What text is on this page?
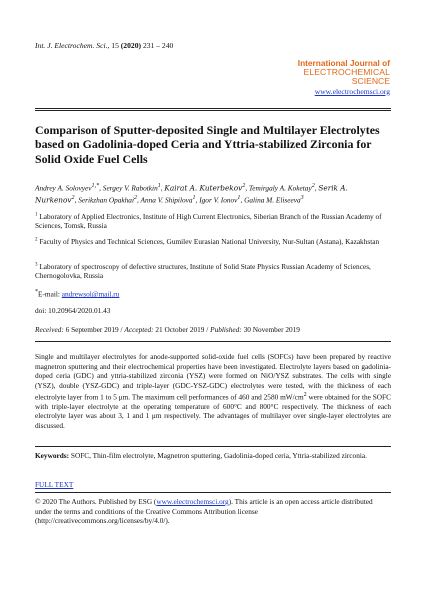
Int. J. Electrochem. Sci., 15 (2020) 231 – 240
International Journal of
ELECTROCHEMICAL
SCIENCE
www.electrochemsci.org
Comparison of Sputter-deposited Single and Multilayer Electrolytes based on Gadolinia-doped Ceria and Yttria-stabilized Zirconia for Solid Oxide Fuel Cells
Andrey A. Solovyev$^{1,*}$, Sergey V. Rabotkin$^1$, Kairat A. Kuterbekov$^2$, Temirgaly A. Koketay$^2$, Serik A. Nurkenov$^2$, Serikzhan Opakhai$^2$, Anna V. Shipilova$^1$, Igor V. Ionov$^1$, Galina M. Eliseeva$^3$
$^1$ Laboratory of Applied Electronics, Institute of High Current Electronics, Siberian Branch of the Russian Academy of Sciences, Tomsk, Russia
$^2$ Faculty of Physics and Technical Sciences, Gumilev Eurasian National University, Nur-Sultan (Astana), Kazakhstan
$^3$ Laboratory of spectroscopy of defective structures, Institute of Solid State Physics Russian Academy of Sciences, Chernogolovka, Russia
*E-mail: andrewsol@mail.ru
doi: 10.20964/2020.01.43
Received: 6 September 2019 / Accepted: 21 October 2019 / Published: 30 November 2019
Single and multilayer electrolytes for anode-supported solid-oxide fuel cells (SOFCs) have been prepared by reactive magnetron sputtering and their electrochemical properties have been investigated. Electrolyte layers based on gadolinia-doped ceria (GDC) and yttria-stabilized zirconia (YSZ) were formed on NiO/YSZ substrates. The cells with single (YSZ), double (YSZ-GDC) and triple-layer (GDC-YSZ-GDC) electrolytes were tested, with the thickness of each electrolyte layer from 1 to 5 μm. The maximum cell performances of 460 and 2580 $mW/cm^2$ were obtained for the SOFC with triple-layer electrolyte at the operating temperature of 600°C and 800°C respectively. The thickness of each electrolyte layer was about 3, 1 and 1 μm respectively. The advantages of multilayer over single-layer electrolytes are discussed.
Keywords: SOFC, Thin-film electrolyte, Magnetron sputtering, Gadolinia-doped ceria, Yttria-stabilized zirconia.
FULL TEXT
© 2020 The Authors. Published by ESG (www.electrochemsci.org). This article is an open access article distributed under the terms and conditions of the Creative Commons Attribution license (http://creativecommons.org/licenses/by/4.0/).
